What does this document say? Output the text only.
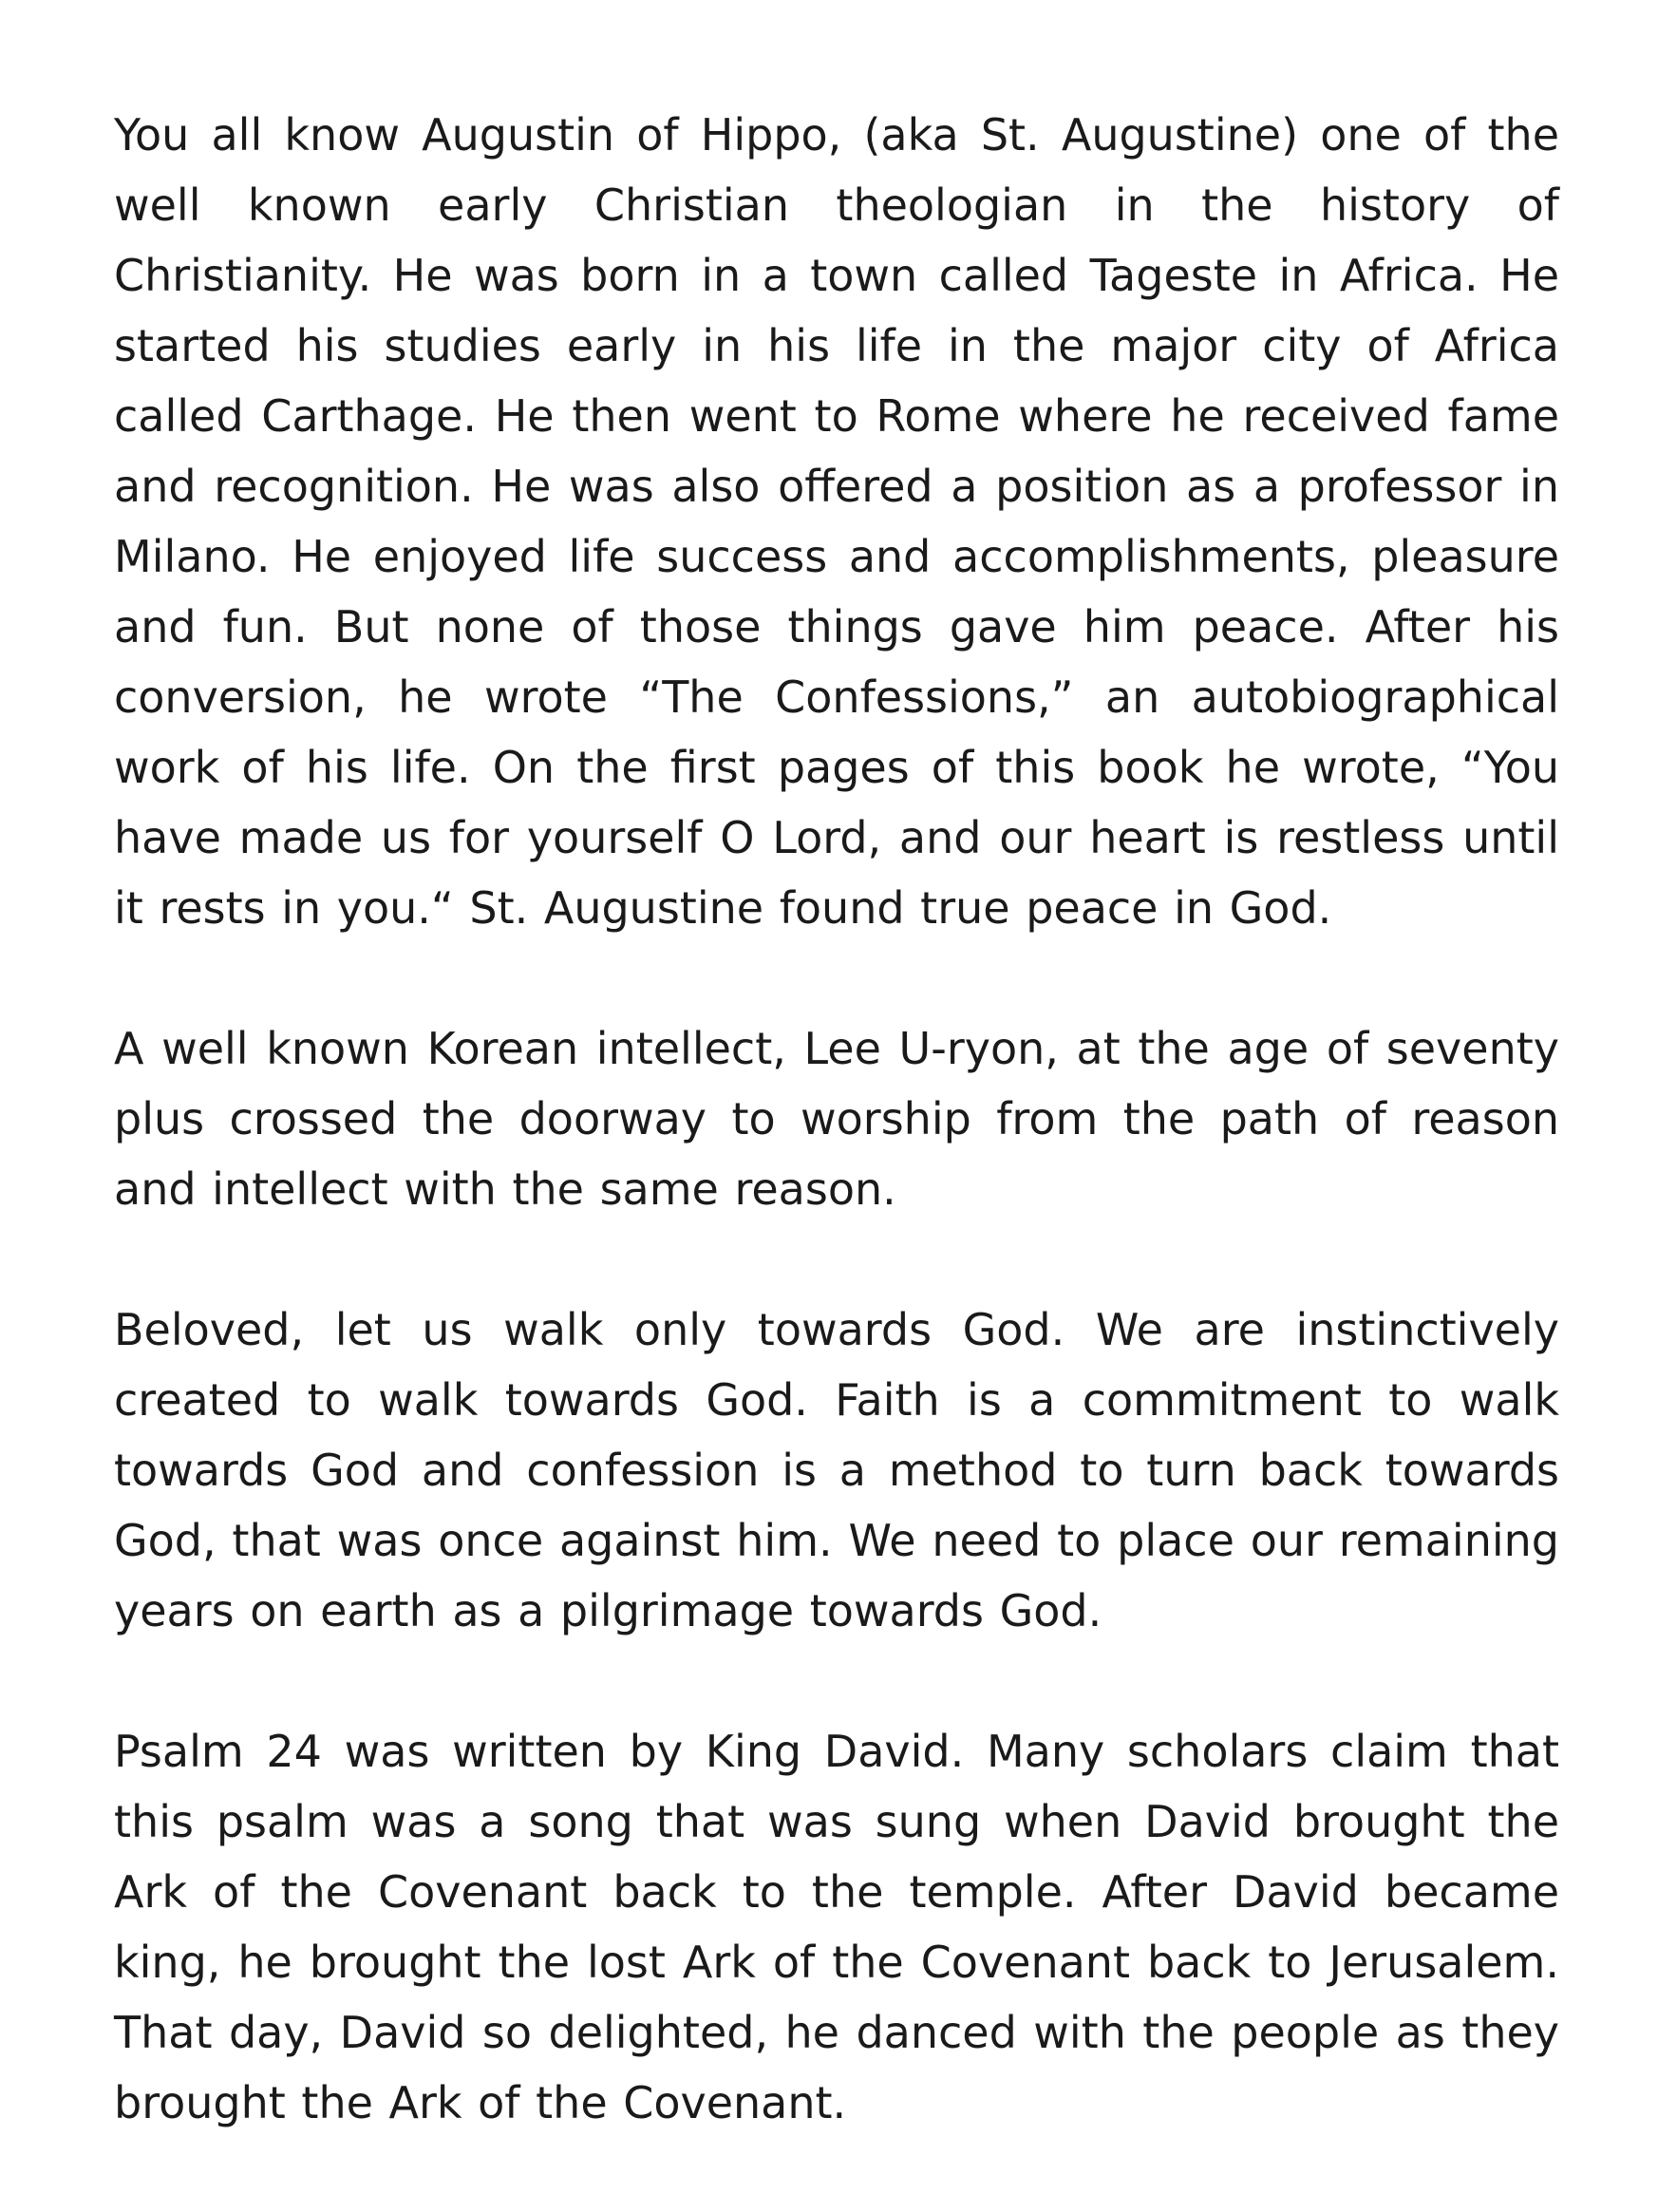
You all know Augustin of Hippo, (aka St. Augustine) one of the well known early Christian theologian in the history of Christianity. He was born in a town called Tageste in Africa. He started his studies early in his life in the major city of Africa called Carthage. He then went to Rome where he received fame and recognition. He was also offered a position as a professor in Milano. He enjoyed life success and accomplishments, pleasure and fun. But none of those things gave him peace. After his conversion, he wrote “The Confessions,” an autobiographical work of his life. On the first pages of this book he wrote, “You have made us for yourself O Lord, and our heart is restless until it rests in you.“ St. Augustine found true peace in God.

A well known Korean intellect, Lee U-ryon, at the age of seventy plus crossed the doorway to worship from the path of reason and intellect with the same reason.

Beloved, let us walk only towards God. We are instinctively created to walk towards God. Faith is a commitment to walk towards God and confession is a method to turn back towards God, that was once against him. We need to place our remaining years on earth as a pilgrimage towards God.

Psalm 24 was written by King David. Many scholars claim that this psalm was a song that was sung when David brought the Ark of the Covenant back to the temple. After David became king, he brought the lost Ark of the Covenant back to Jerusalem. That day, David so delighted, he danced with the people as they brought the Ark of the Covenant.
